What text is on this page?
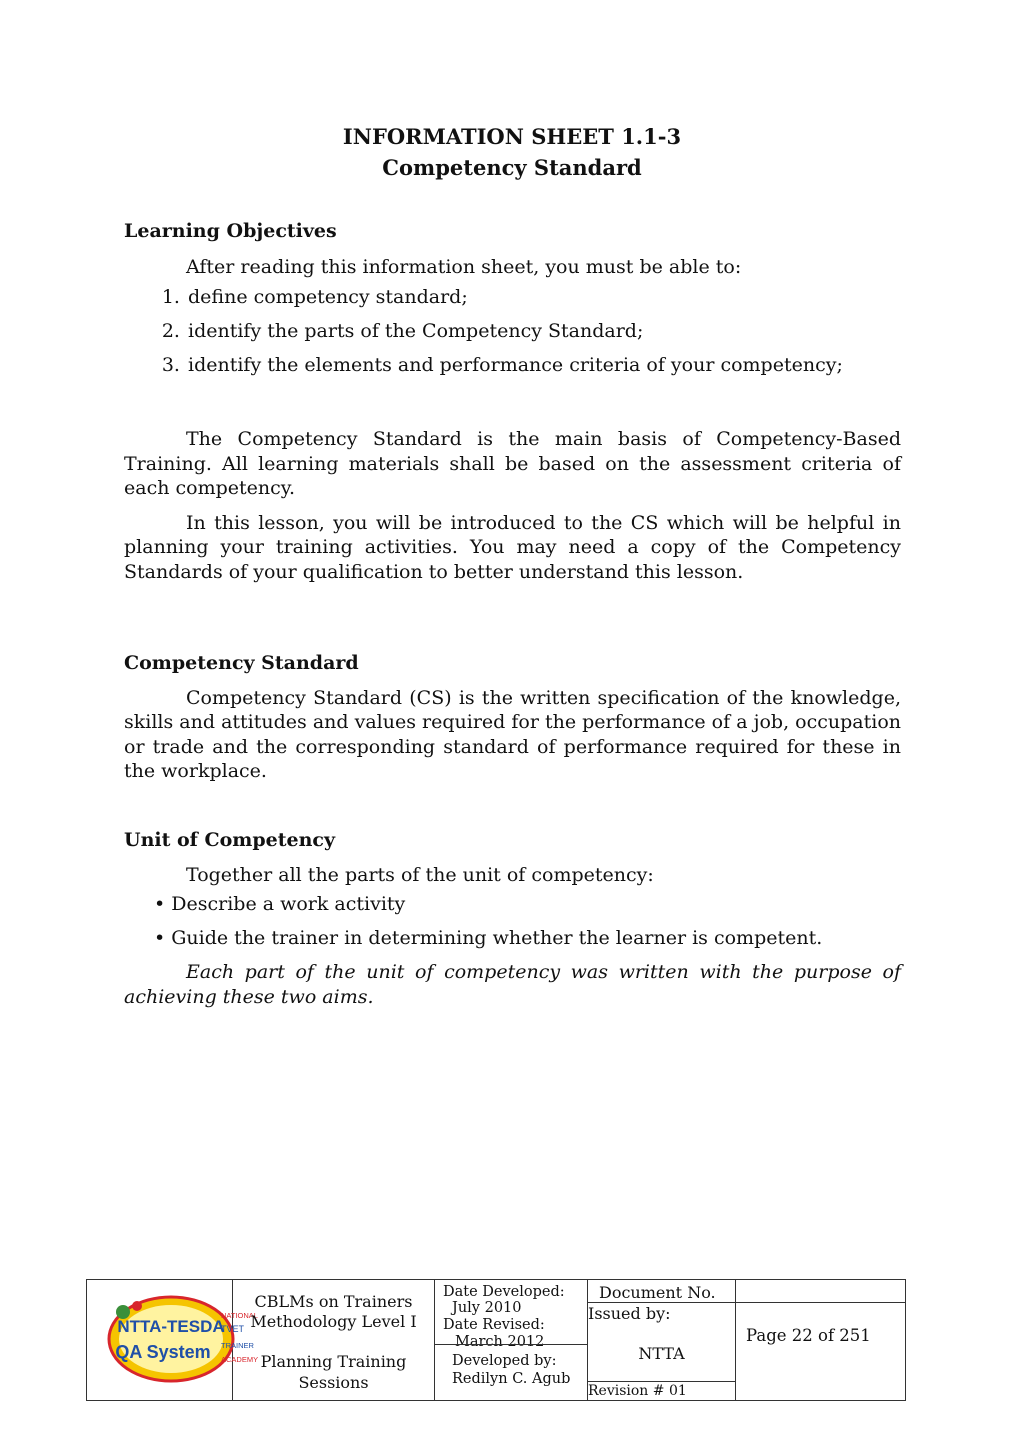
INFORMATION SHEET 1.1-3
Competency Standard
Learning Objectives

After reading this information sheet, you must be able to:

1. define competency standard;
2. identify the parts of the Competency Standard;
3. identify the elements and performance criteria of your competency;

The Competency Standard is the main basis of Competency-Based Training. All learning materials shall be based on the assessment criteria of each competency.

In this lesson, you will be introduced to the CS which will be helpful in planning your training activities. You may need a copy of the Competency Standards of your qualification to better understand this lesson.

Competency Standard

Competency Standard (CS) is the written specification of the knowledge, skills and attitudes and values required for the performance of a job, occupation or trade and the corresponding standard of performance required for these in the workplace.

Unit of Competency

Together all the parts of the unit of competency:

• Describe a work activity
• Guide the trainer in determining whether the learner is competent.

Each part of the unit of competency was written with the purpose of achieving these two aims.

NTTA-TESDA
QA System
NATIONAL
TVET
TRAINER
ACADEMY
CBLMs on Trainers
Methodology Level I
Planning Training
Sessions
Date Developed:
July 2010
Date Revised:
March 2012
Developed by:
Redilyn C. Agub
Document No.
Issued by:
NTTA
Revision # 01
Page 22 of 251
